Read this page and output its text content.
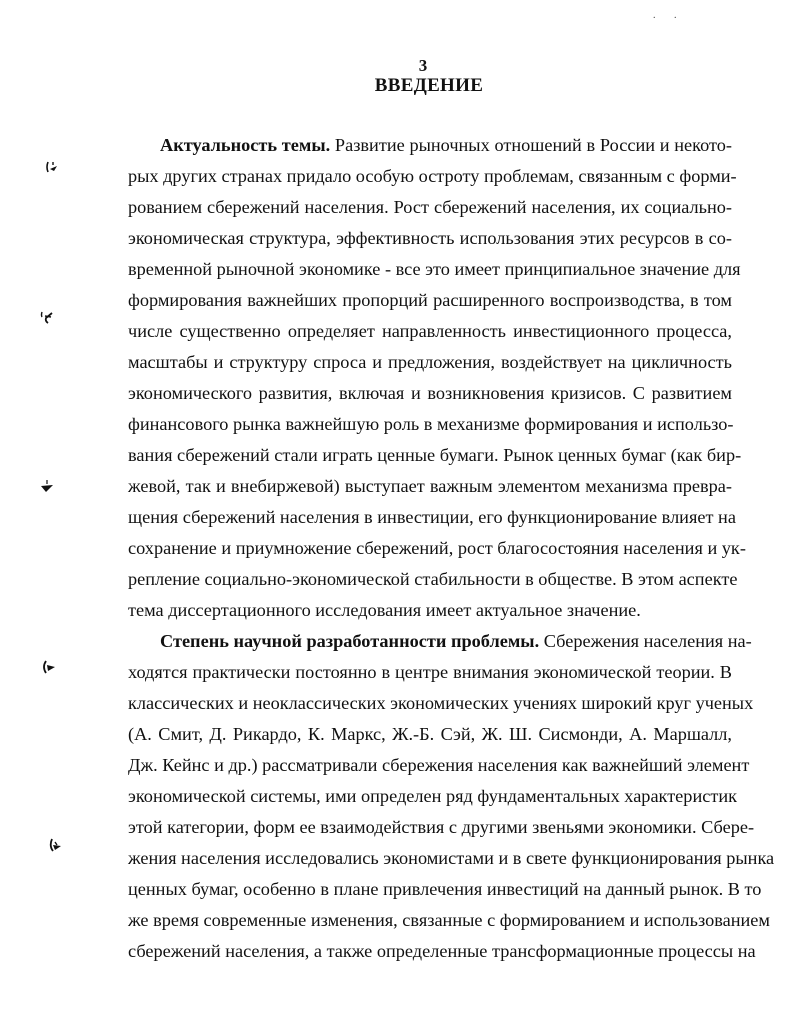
. .
3
ВВЕДЕНИЕ
Актуальность темы. Развитие рыночных отношений в России и некото-
рых других странах придало особую остроту проблемам, связанным с форми-
рованием сбережений населения. Рост сбережений населения, их социально-
экономическая структура, эффективность использования этих ресурсов в со-
временной рыночной экономике - все это имеет принципиальное значение для
формирования важнейших пропорций расширенного воспроизводства, в том
числе существенно определяет направленность инвестиционного процесса,
масштабы и структуру спроса и предложения, воздействует на цикличность
экономического развития, включая и возникновения кризисов. С развитием
финансового рынка важнейшую роль в механизме формирования и использо-
вания сбережений стали играть ценные бумаги. Рынок ценных бумаг (как бир-
жевой, так и внебиржевой) выступает важным элементом механизма превра-
щения сбережений населения в инвестиции, его функционирование влияет на
сохранение и приумножение сбережений, рост благосостояния населения и ук-
репление социально-экономической стабильности в обществе. В этом аспекте
тема диссертационного исследования имеет актуальное значение.
Степень научной разработанности проблемы. Сбережения населения на-
ходятся практически постоянно в центре внимания экономической теории. В
классических и неоклассических экономических учениях широкий круг ученых
(А. Смит, Д. Рикардо, К. Маркс, Ж.-Б. Сэй, Ж. Ш. Сисмонди, А. Маршалл,
Дж. Кейнс и др.) рассматривали сбережения населения как важнейший элемент
экономической системы, ими определен ряд фундаментальных характеристик
этой категории, форм ее взаимодействия с другими звеньями экономики. Сбере-
жения населения исследовались экономистами и в свете функционирования рынка
ценных бумаг, особенно в плане привлечения инвестиций на данный рынок. В то
же время современные изменения, связанные с формированием и использованием
сбережений населения, а также определенные трансформационные процессы на
